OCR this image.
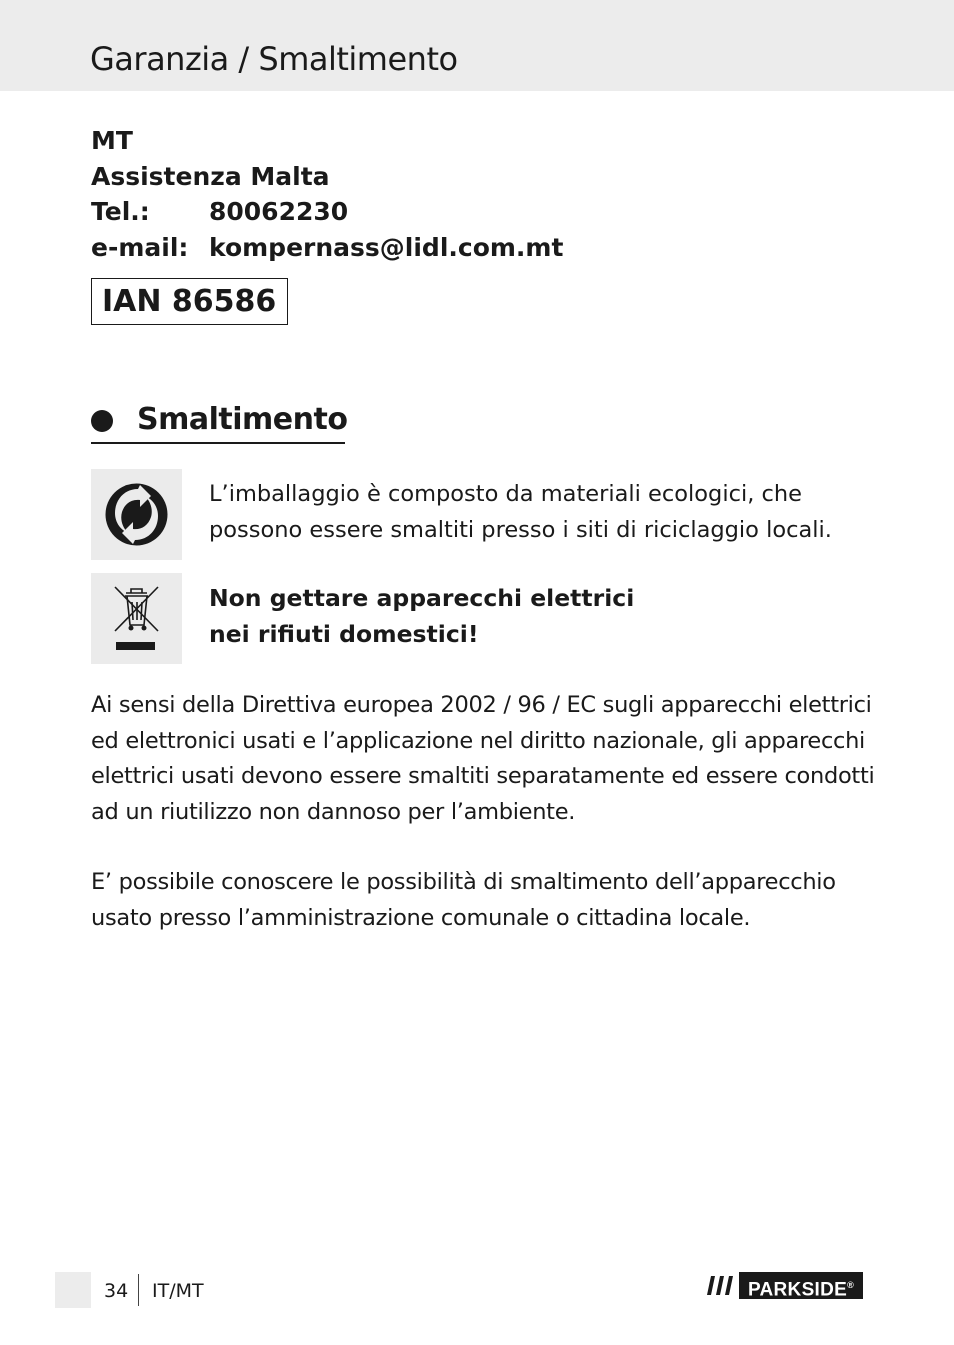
Garanzia / Smaltimento
MT
Assistenza Malta
Tel.: 80062230
e-mail: kompernass@lidl.com.mt
IAN 86586
Smaltimento
L’imballaggio è composto da materiali ecologici, che
possono essere smaltiti presso i siti di riciclaggio locali.
Non gettare apparecchi elettrici
nei rifiuti domestici!
Ai sensi della Direttiva europea 2002 / 96 / EC sugli apparecchi elettrici
ed elettronici usati e l’applicazione nel diritto nazionale, gli apparecchi
elettrici usati devono essere smaltiti separatamente ed essere condotti
ad un riutilizzo non dannoso per l’ambiente.
E’ possibile conoscere le possibilità di smaltimento dell’apparecchio
usato presso l’amministrazione comunale o cittadina locale.
34 IT/MT	PARKSIDE®
